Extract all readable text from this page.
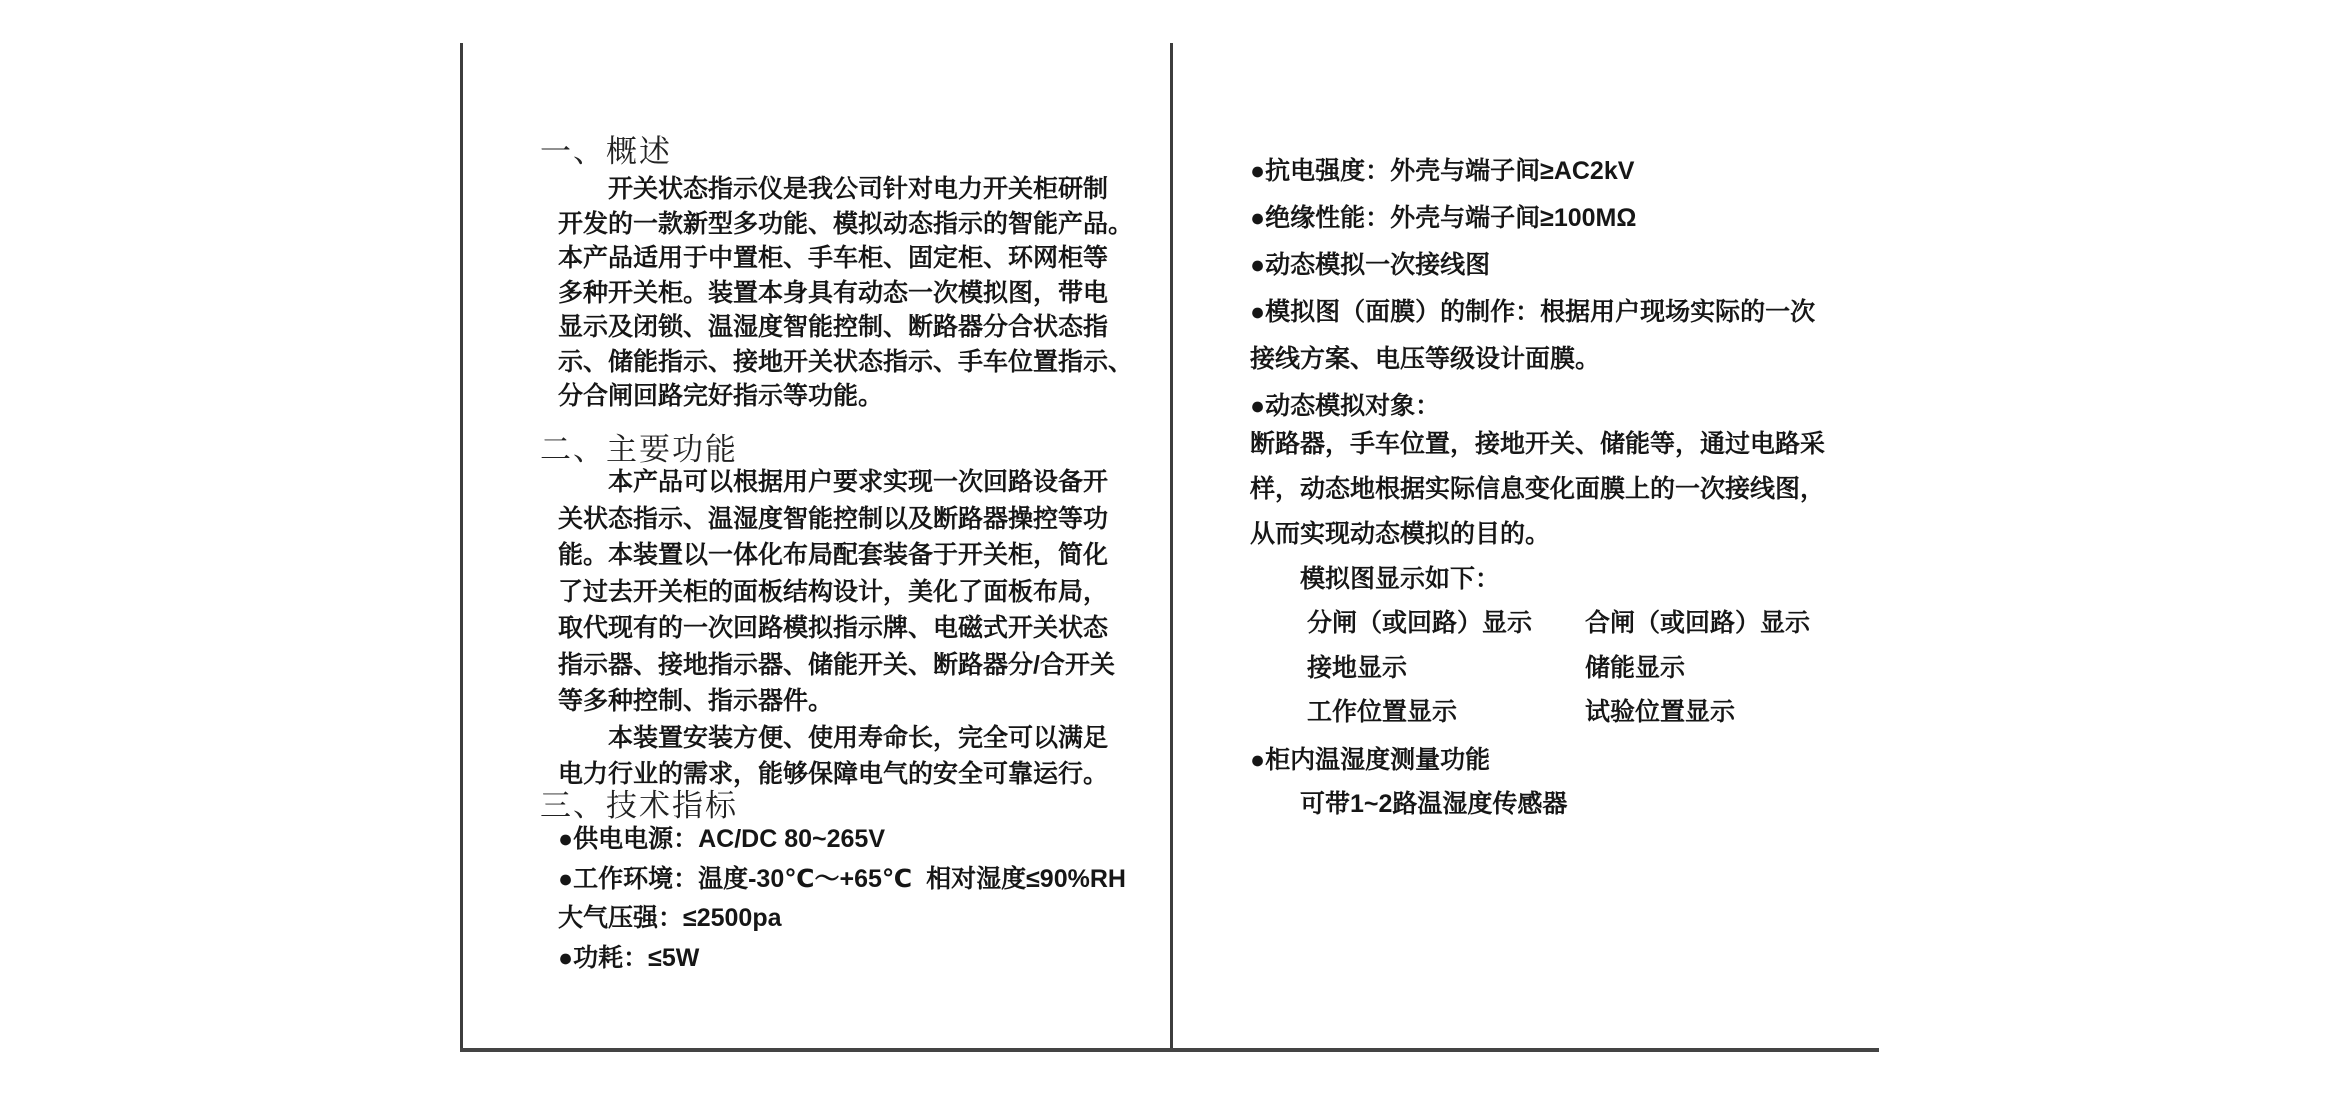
一、概述
　　开关状态指示仪是我公司针对电力开关柜研制
开发的一款新型多功能、模拟动态指示的智能产品。
本产品适用于中置柜、手车柜、固定柜、环网柜等
多种开关柜。装置本身具有动态一次模拟图，带电
显示及闭锁、温湿度智能控制、断路器分合状态指
示、储能指示、接地开关状态指示、手车位置指示、
分合闸回路完好指示等功能。
二、主要功能
　　本产品可以根据用户要求实现一次回路设备开
关状态指示、温湿度智能控制以及断路器操控等功
能。本装置以一体化布局配套装备于开关柜，简化
了过去开关柜的面板结构设计，美化了面板布局，
取代现有的一次回路模拟指示牌、电磁式开关状态
指示器、接地指示器、储能开关、断路器分/合开关
等多种控制、指示器件。
　　本装置安装方便、使用寿命长，完全可以满足
电力行业的需求，能够保障电气的安全可靠运行。
三、技术指标
●供电电源：AC/DC 80~265V
●工作环境：温度-30℃～+65℃  相对湿度≤90%RH
大气压强：≤2500pa
●功耗：≤5W
●抗电强度：外壳与端子间≥AC2kV
●绝缘性能：外壳与端子间≥100MΩ
●动态模拟一次接线图
●模拟图（面膜）的制作：根据用户现场实际的一次
接线方案、电压等级设计面膜。
●动态模拟对象：
断路器，手车位置，接地开关、储能等，通过电路采
样，动态地根据实际信息变化面膜上的一次接线图，
从而实现动态模拟的目的。
　　模拟图显示如下：
分闸（或回路）显示	合闸（或回路）显示
接地显示	储能显示
工作位置显示	试验位置显示
●柜内温湿度测量功能
　　可带1~2路温湿度传感器
